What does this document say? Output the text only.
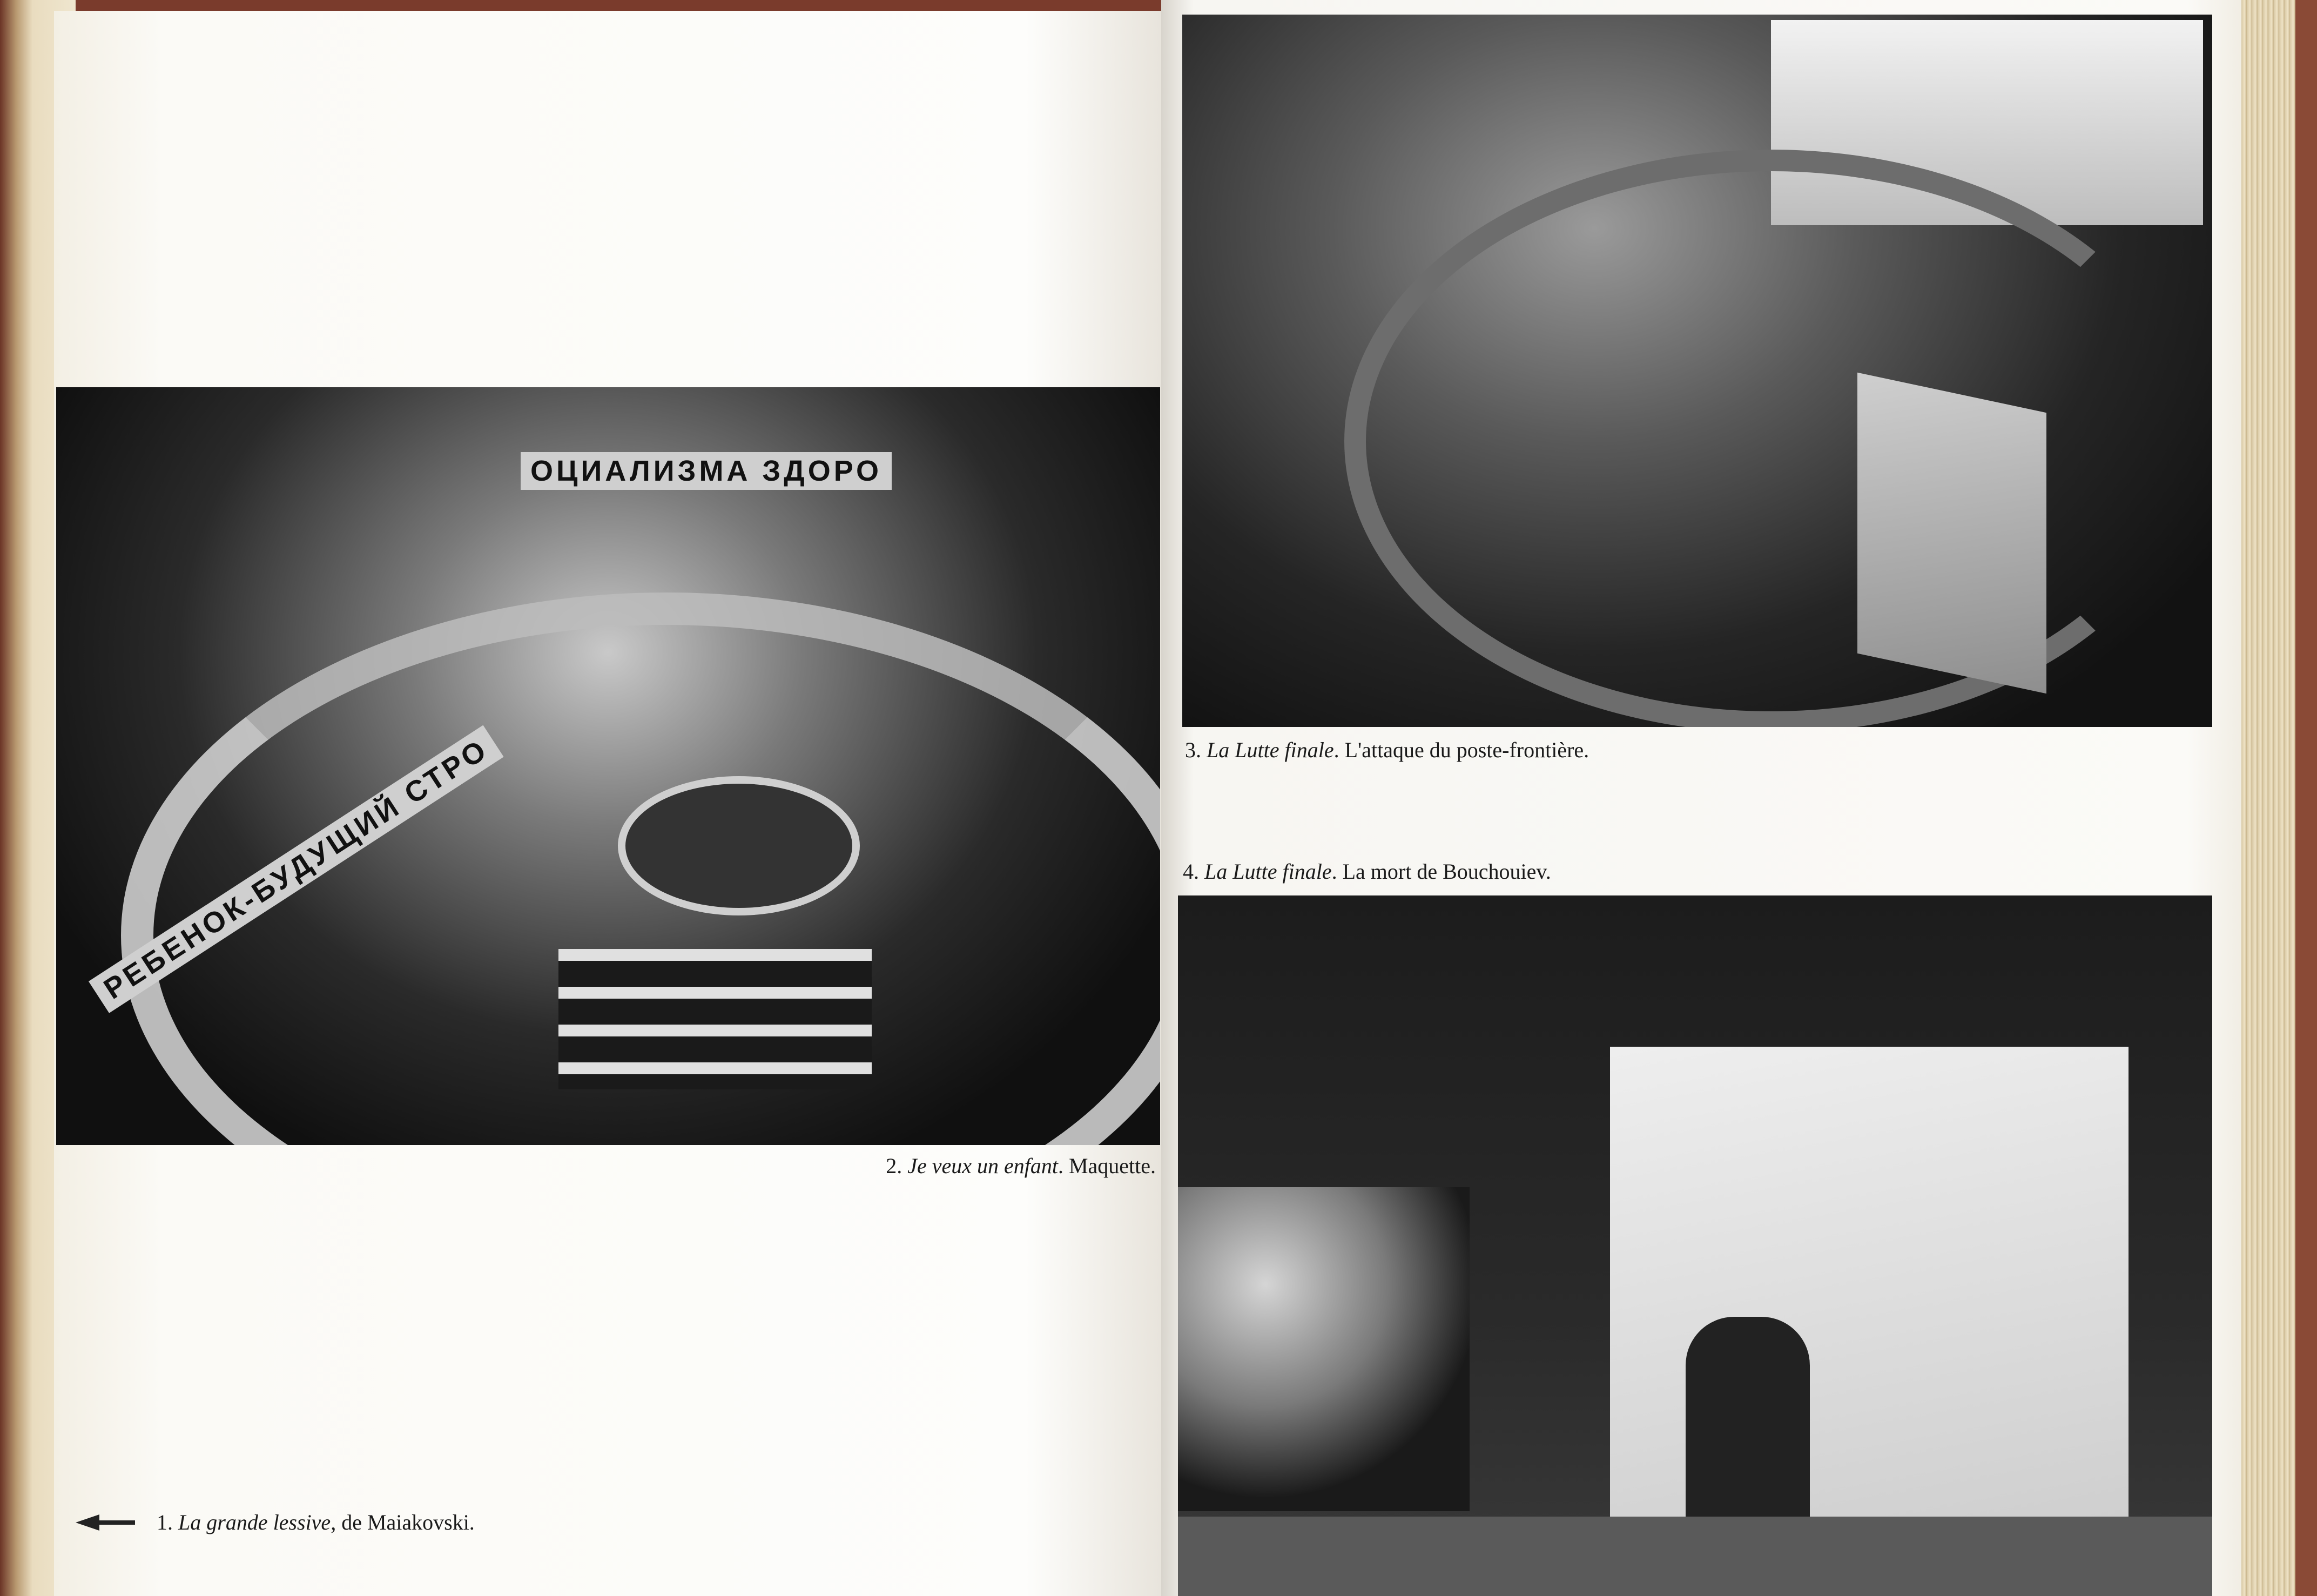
РЕБЕНОК-БУДУЩИЙ СТРО
ОЦИАЛИЗМА ЗДОРО
2. Je veux un enfant. Maquette.
1. La grande lessive, de Maiakovski.
3. La Lutte finale. L'attaque du poste-frontière.
4. La Lutte finale. La mort de Bouchouiev.
